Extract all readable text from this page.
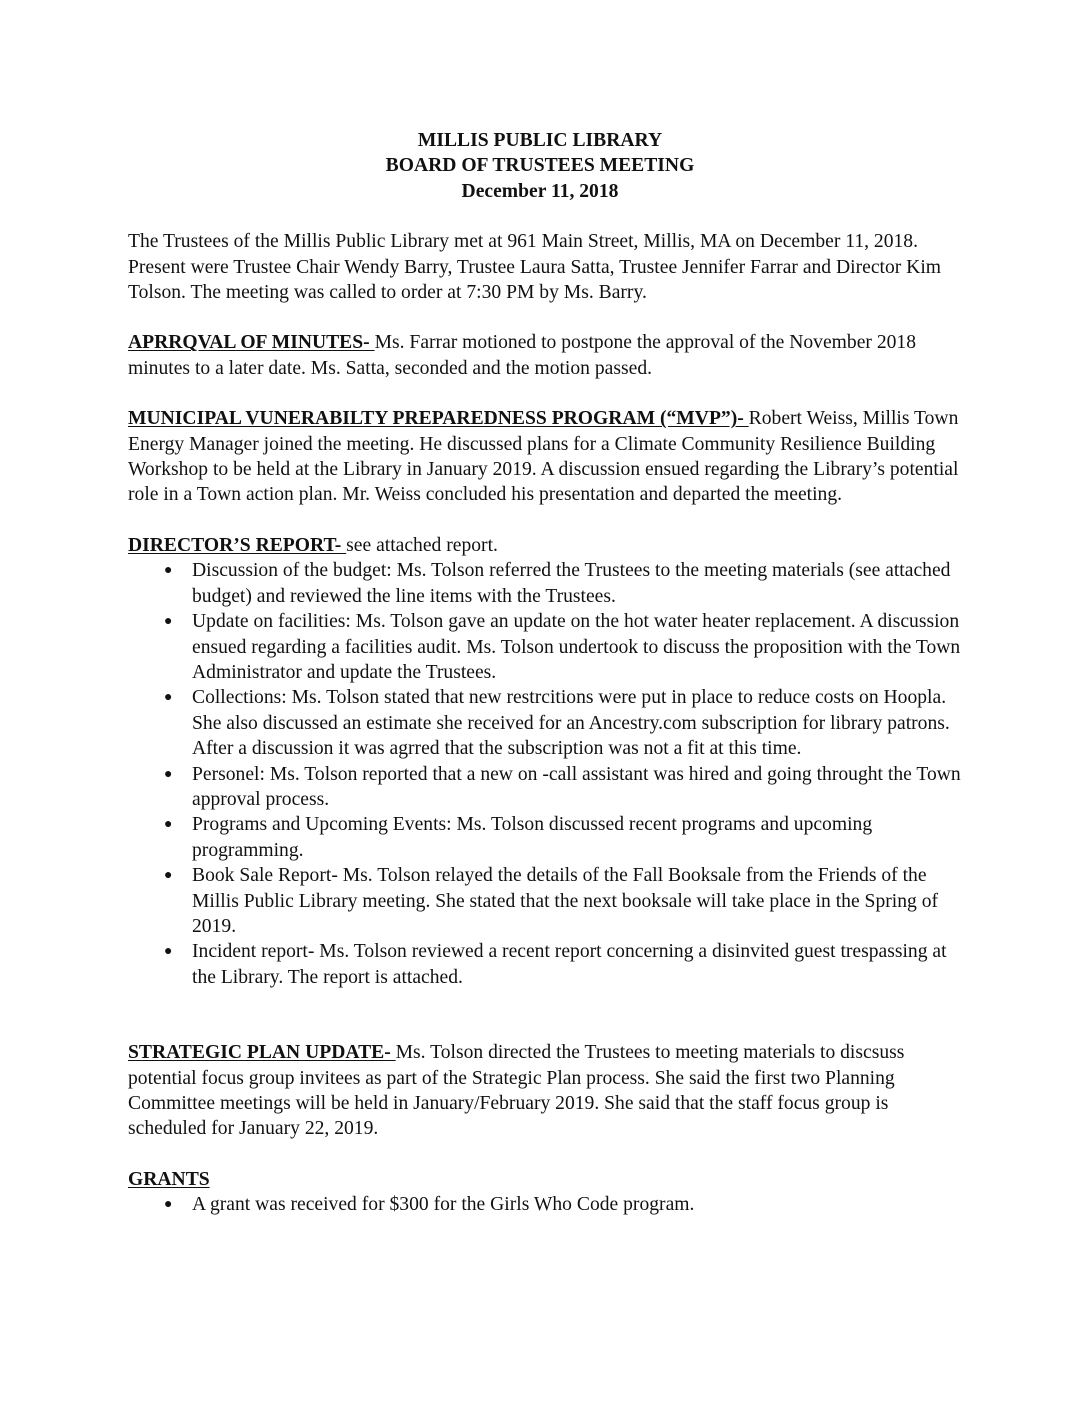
MILLIS PUBLIC LIBRARY
BOARD OF TRUSTEES MEETING
December 11, 2018

The Trustees of the Millis Public Library met at 961 Main Street, Millis, MA on December 11, 2018. Present were Trustee Chair Wendy Barry, Trustee Laura Satta, Trustee Jennifer Farrar and Director Kim Tolson. The meeting was called to order at 7:30 PM by Ms. Barry.

APRRQVAL OF MINUTES- Ms. Farrar motioned to postpone the approval of the November 2018 minutes to a later date. Ms. Satta, seconded and the motion passed.

MUNICIPAL VUNERABILTY PREPAREDNESS PROGRAM (“MVP”)- Robert Weiss, Millis Town Energy Manager joined the meeting. He discussed plans for a Climate Community Resilience Building Workshop to be held at the Library in January 2019. A discussion ensued regarding the Library’s potential role in a Town action plan. Mr. Weiss concluded his presentation and departed the meeting.

DIRECTOR’S REPORT- see attached report.

● Discussion of the budget: Ms. Tolson referred the Trustees to the meeting materials (see attached budget) and reviewed the line items with the Trustees.
● Update on facilities: Ms. Tolson gave an update on the hot water heater replacement. A discussion ensued regarding a facilities audit. Ms. Tolson undertook to discuss the proposition with the Town Administrator and update the Trustees.
● Collections: Ms. Tolson stated that new restrcitions were put in place to reduce costs on Hoopla. She also discussed an estimate she received for an Ancestry.com subscription for library patrons. After a discussion it was agrred that the subscription was not a fit at this time.
● Personel: Ms. Tolson reported that a new on -call assistant was hired and going throught the Town approval process.
● Programs and Upcoming Events: Ms. Tolson discussed recent programs and upcoming programming.
● Book Sale Report- Ms. Tolson relayed the details of the Fall Booksale from the Friends of the Millis Public Library meeting. She stated that the next booksale will take place in the Spring of 2019.
● Incident report- Ms. Tolson reviewed a recent report concerning a disinvited guest trespassing at the Library. The report is attached.

STRATEGIC PLAN UPDATE- Ms. Tolson directed the Trustees to meeting materials to discsuss potential focus group invitees as part of the Strategic Plan process. She said the first two Planning Committee meetings will be held in January/February 2019. She said that the staff focus group is scheduled for January 22, 2019.

GRANTS

● A grant was received for $300 for the Girls Who Code program.
